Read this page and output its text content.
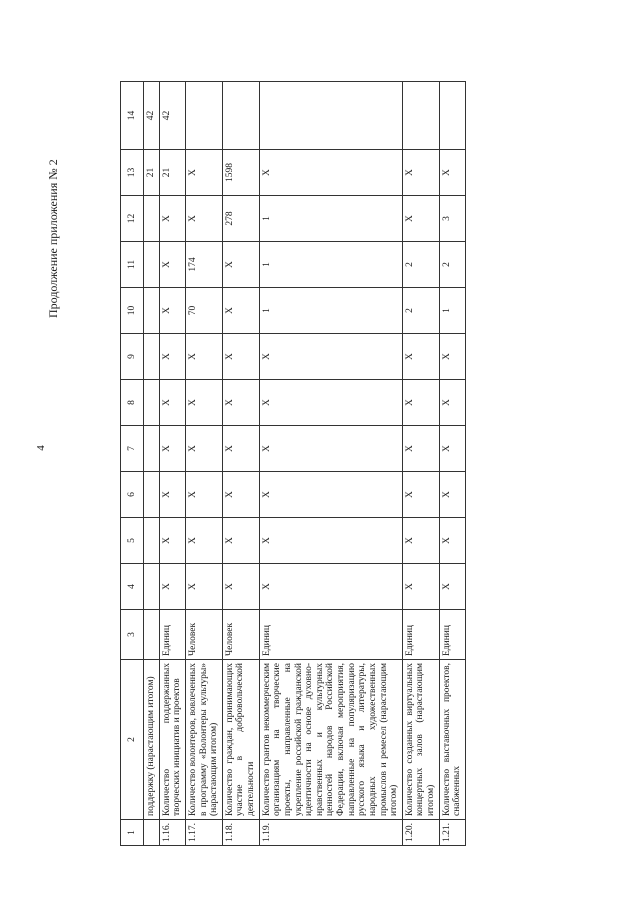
Продолжение приложения № 2
4
1	2	3	4	5	6	7	8	9	10	11	12	13	14
	поддержку (нарастающим итогом)											21	42
1.16.	Количество поддержанных творческих инициатив и проектов	Единиц	X	X	X	X	X	X	X	X	X	21	42
1.17.	Количество волонтеров, вовлеченных в программу «Волонтеры культуры» (нарастающим итогом)	Человек	X	X	X	X	X	X	70	174	X	X	
1.18.	Количество граждан, принимающих участие в добровольческой деятельности	Человек	X	X	X	X	X	X	X	X	278	1598	
1.19.	Количество грантов некоммерческим организациям на творческие проекты, направленные на укрепление российской гражданской идентичности на основе духовно-нравственных и культурных ценностей народов Российской Федерации, включая мероприятия, направленные на популяризацию русского языка и литературы, народных художественных промыслов и ремесел (нарастающим итогом)	Единиц	X	X	X	X	X	X	1	1	1	X	
1.20.	Количество созданных виртуальных концертных залов (нарастающим итогом)	Единиц	X	X	X	X	X	X	2	2	X	X	
1.21.	Количество выставочных проектов, снабженных	Единиц	X	X	X	X	X	X	1	2	3	X	
